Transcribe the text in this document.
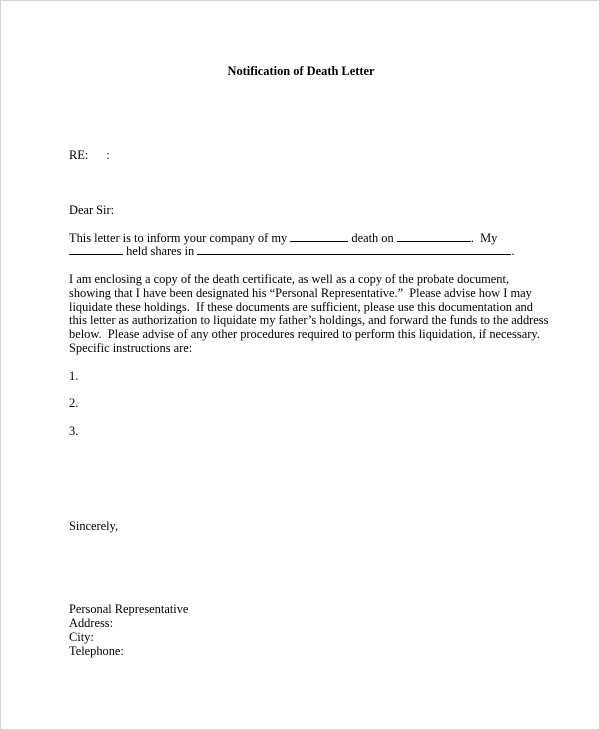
Notification of Death Letter
RE: :
Dear Sir:
This letter is to inform your company of my	death on	.  My
held shares in	.
I am enclosing a copy of the death certificate, as well as a copy of the probate document,
showing that I have been designated his “Personal Representative.”  Please advise how I may
liquidate these holdings.  If these documents are sufficient, please use this documentation and
this letter as authorization to liquidate my father’s holdings, and forward the funds to the address
below.  Please advise of any other procedures required to perform this liquidation, if necessary.
Specific instructions are:
1.
2.
3.
Sincerely,
Personal Representative
Address:
City:
Telephone:
